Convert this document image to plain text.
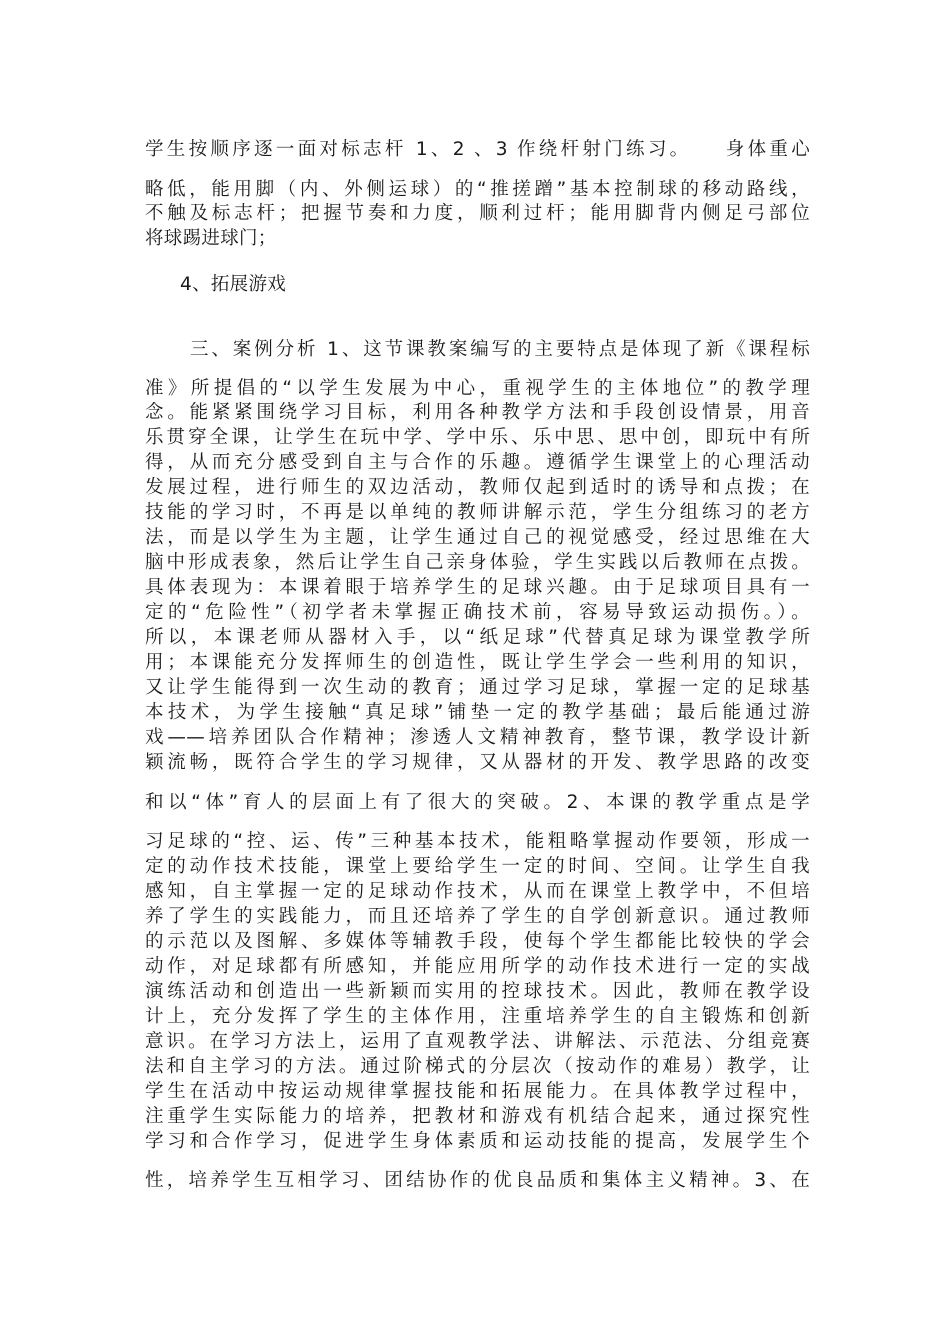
学生按顺序逐一面对标志杆 1、2 、3 作绕杆射门练习。　　身体重心
略低，能用脚（内、外侧运球）的“推搓蹭”基本控制球的移动路线，
不触及标志杆；把握节奏和力度，顺利过杆；能用脚背内侧足弓部位
将球踢进球门；
4、拓展游戏
三、案例分析 1、这节课教案编写的主要特点是体现了新《课程标
准》所提倡的“以学生发展为中心，重视学生的主体地位”的教学理
念。能紧紧围绕学习目标，利用各种教学方法和手段创设情景，用音
乐贯穿全课，让学生在玩中学、学中乐、乐中思、思中创，即玩中有所
得，从而充分感受到自主与合作的乐趣。遵循学生课堂上的心理活动
发展过程，进行师生的双边活动，教师仅起到适时的诱导和点拨；在
技能的学习时，不再是以单纯的教师讲解示范，学生分组练习的老方
法，而是以学生为主题，让学生通过自己的视觉感受，经过思维在大
脑中形成表象，然后让学生自己亲身体验，学生实践以后教师在点拨。
具体表现为：本课着眼于培养学生的足球兴趣。由于足球项目具有一
定的“危险性”（初学者未掌握正确技术前，容易导致运动损伤。）。
所以，本课老师从器材入手，以“纸足球”代替真足球为课堂教学所
用；本课能充分发挥师生的创造性，既让学生学会一些利用的知识，
又让学生能得到一次生动的教育；通过学习足球，掌握一定的足球基
本技术，为学生接触“真足球”铺垫一定的教学基础；最后能通过游
戏——培养团队合作精神；渗透人文精神教育，整节课，教学设计新
颖流畅，既符合学生的学习规律，又从器材的开发、教学思路的改变
和以“体”育人的层面上有了很大的突破。2、本课的教学重点是学
习足球的“控、运、传”三种基本技术，能粗略掌握动作要领，形成一
定的动作技术技能，课堂上要给学生一定的时间、空间。让学生自我
感知，自主掌握一定的足球动作技术，从而在课堂上教学中，不但培
养了学生的实践能力，而且还培养了学生的自学创新意识。通过教师
的示范以及图解、多媒体等辅教手段，使每个学生都能比较快的学会
动作，对足球都有所感知，并能应用所学的动作技术进行一定的实战
演练活动和创造出一些新颖而实用的控球技术。因此，教师在教学设
计上，充分发挥了学生的主体作用，注重培养学生的自主锻炼和创新
意识。在学习方法上，运用了直观教学法、讲解法、示范法、分组竞赛
法和自主学习的方法。通过阶梯式的分层次（按动作的难易）教学，让
学生在活动中按运动规律掌握技能和拓展能力。在具体教学过程中，
注重学生实际能力的培养，把教材和游戏有机结合起来，通过探究性
学习和合作学习，促进学生身体素质和运动技能的提高，发展学生个
性，培养学生互相学习、团结协作的优良品质和集体主义精神。3、在
